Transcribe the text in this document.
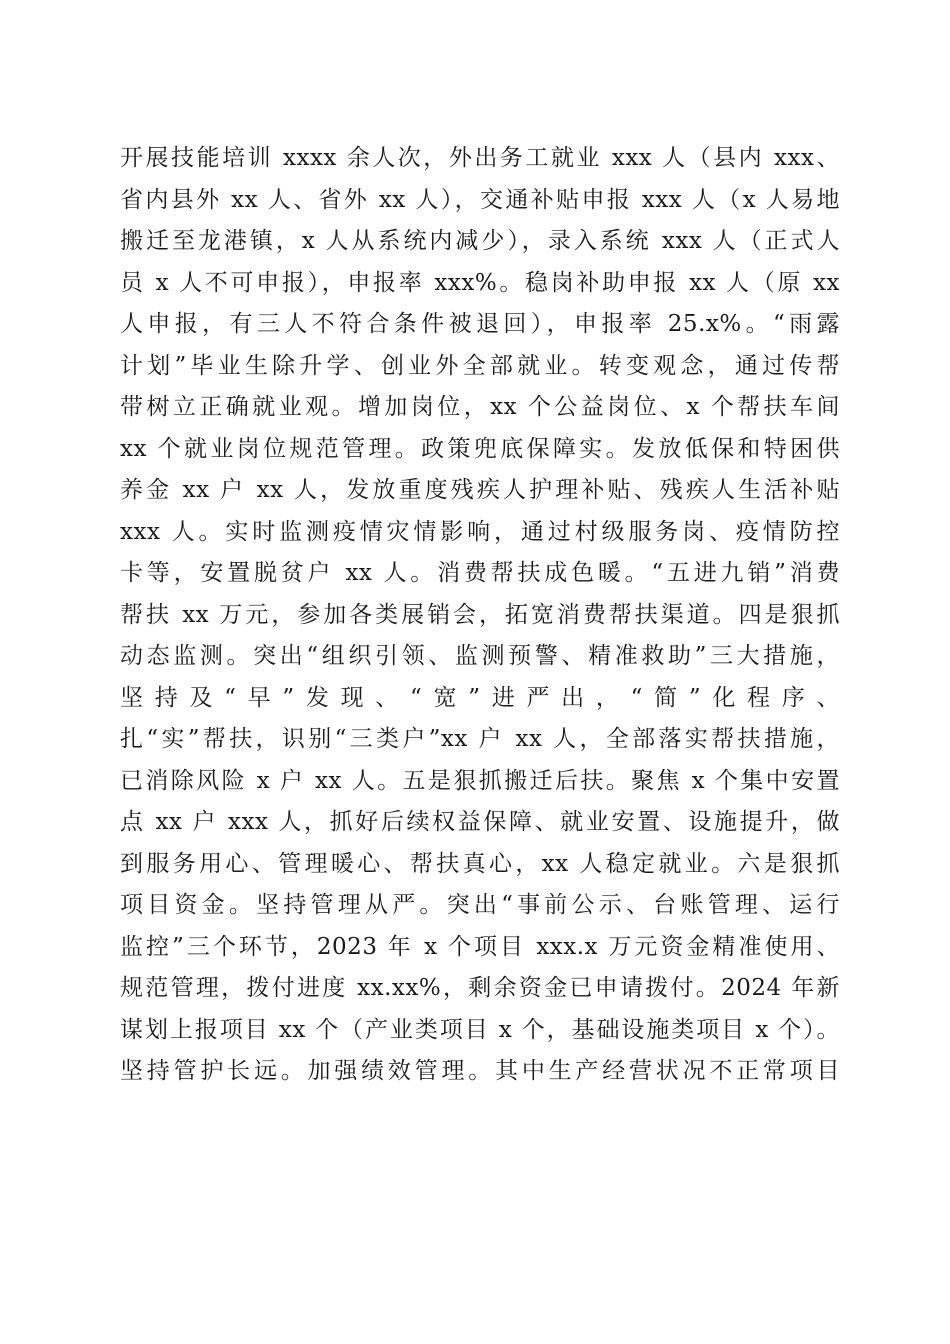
开展技能培训 xxxx 余人次，外出务工就业 xxx 人（县内 xxx、
省内县外 xx 人、省外 xx 人），交通补贴申报 xxx 人（x 人易地
搬迁至龙港镇，x 人从系统内减少），录入系统 xxx 人（正式人
员 x 人不可申报），申报率 xxx%。稳岗补助申报 xx 人（原 xx
人申报，有三人不符合条件被退回），申报率 25.x%。“雨露
计划”毕业生除升学、创业外全部就业。转变观念，通过传帮
带树立正确就业观。增加岗位，xx 个公益岗位、x 个帮扶车间
xx 个就业岗位规范管理。政策兜底保障实。发放低保和特困供
养金 xx 户 xx 人，发放重度残疾人护理补贴、残疾人生活补贴
xxx 人。实时监测疫情灾情影响，通过村级服务岗、疫情防控
卡等，安置脱贫户 xx 人。消费帮扶成色暖。“五进九销”消费
帮扶 xx 万元，参加各类展销会，拓宽消费帮扶渠道。四是狠抓
动态监测。突出“组织引领、监测预警、精准救助”三大措施，
坚持及“早”发现、“宽”进严出，“简”化程序、
扎“实”帮扶，识别“三类户”xx 户 xx 人，全部落实帮扶措施，
已消除风险 x 户 xx 人。五是狠抓搬迁后扶。聚焦 x 个集中安置
点 xx 户 xxx 人，抓好后续权益保障、就业安置、设施提升，做
到服务用心、管理暖心、帮扶真心，xx 人稳定就业。六是狠抓
项目资金。坚持管理从严。突出“事前公示、台账管理、运行
监控”三个环节，2023 年 x 个项目 xxx.x 万元资金精准使用、
规范管理，拨付进度 xx.xx%，剩余资金已申请拨付。2024 年新
谋划上报项目 xx 个（产业类项目 x 个，基础设施类项目 x 个）。
坚持管护长远。加强绩效管理。其中生产经营状况不正常项目
